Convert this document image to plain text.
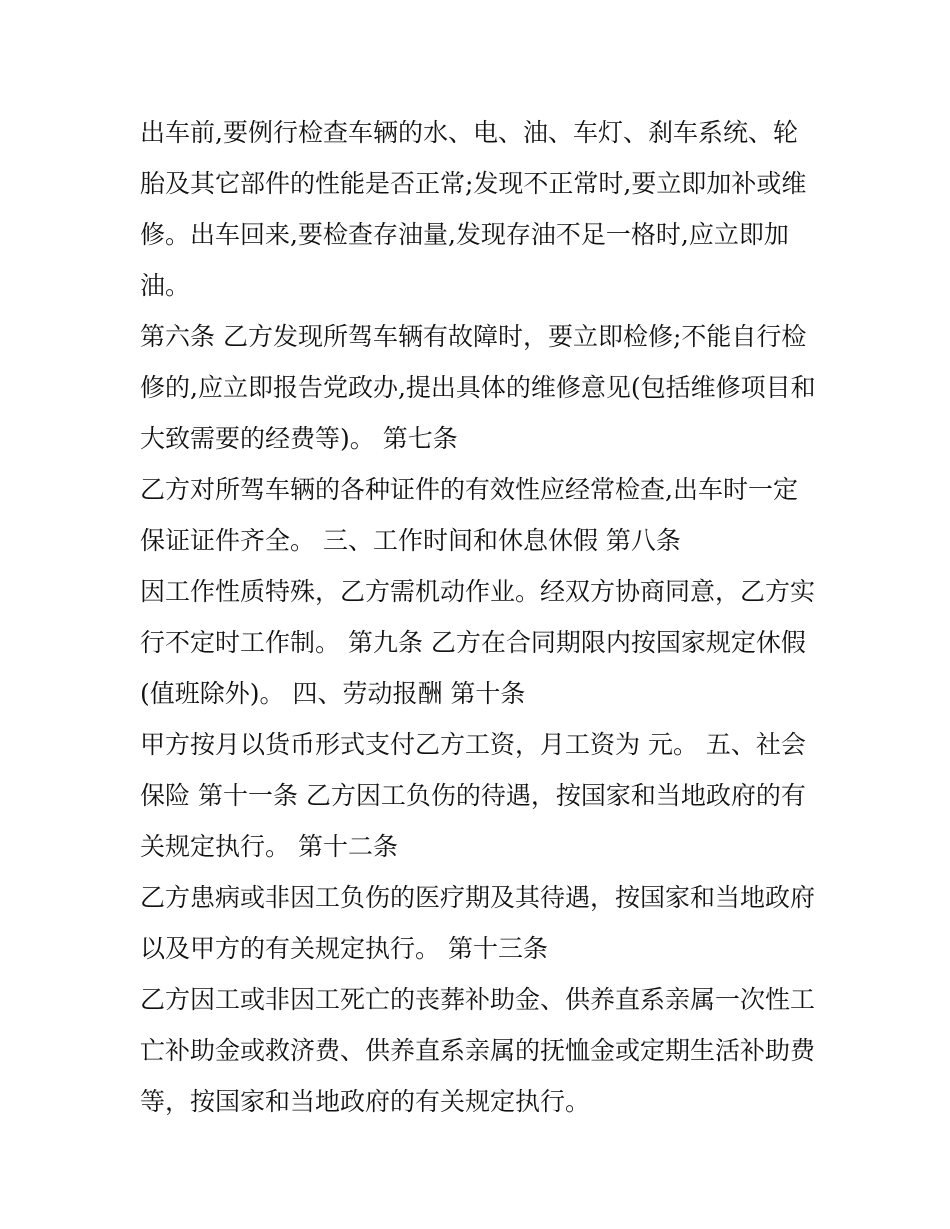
出车前,要例行检查车辆的水、电、油、车灯、刹车系统、轮
胎及其它部件的性能是否正常;发现不正常时,要立即加补或维
修。出车回来,要检查存油量,发现存油不足一格时,应立即加
油。
第六条 乙方发现所驾车辆有故障时，要立即检修;不能自行检
修的,应立即报告党政办,提出具体的维修意见(包括维修项目和
大致需要的经费等)。 第七条
乙方对所驾车辆的各种证件的有效性应经常检查,出车时一定
保证证件齐全。 三、工作时间和休息休假 第八条
因工作性质特殊，乙方需机动作业。经双方协商同意，乙方实
行不定时工作制。 第九条 乙方在合同期限内按国家规定休假
(值班除外)。 四、劳动报酬 第十条
甲方按月以货币形式支付乙方工资，月工资为 元。 五、社会
保险 第十一条 乙方因工负伤的待遇，按国家和当地政府的有
关规定执行。 第十二条
乙方患病或非因工负伤的医疗期及其待遇，按国家和当地政府
以及甲方的有关规定执行。 第十三条
乙方因工或非因工死亡的丧葬补助金、供养直系亲属一次性工
亡补助金或救济费、供养直系亲属的抚恤金或定期生活补助费
等，按国家和当地政府的有关规定执行。
